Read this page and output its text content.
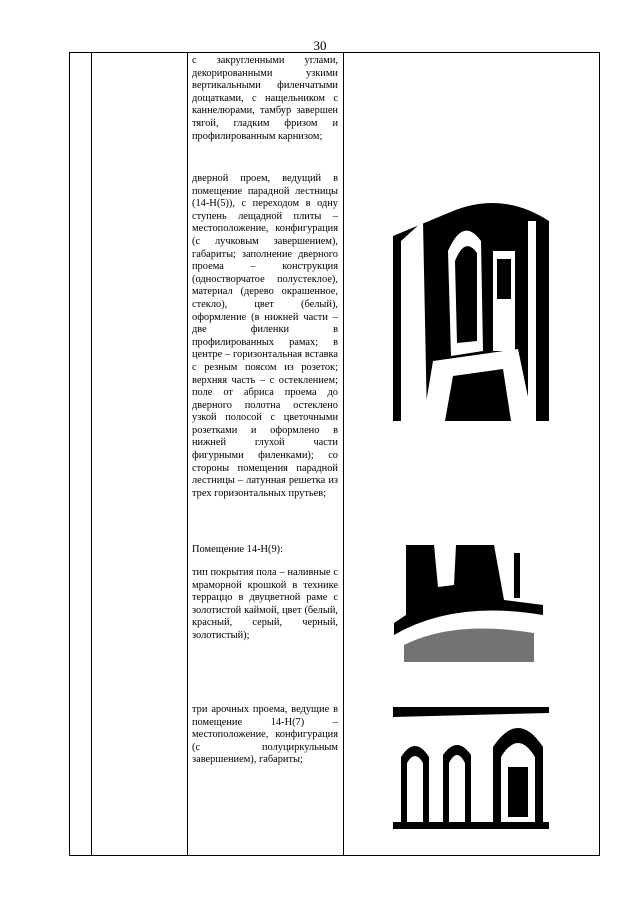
30

с закругленными углами, декорированными узкими вертикальными филенчатыми дощатками, с нащельником с каннелюрами, тамбур завершен тягой, гладким фризом и профилированным карнизом;

дверной проем, ведущий в помещение парадной лестницы (14-Н(5)), с переходом в одну ступень лещадной плиты – местоположение, конфигурация (с лучковым завершением), габариты; заполнение дверного проема – конструкция (одностворчатое полустеклое), материал (дерево окрашенное, стекло), цвет (белый), оформление (в нижней части – две филенки в профилированных рамах; в центре – горизонтальная вставка с резным поясом из розеток; верхняя часть – с остеклением; поле от абриса проема до дверного полотна остеклено узкой полосой с цветочными розетками и оформлено в нижней глухой части фигурными филенками); со стороны помещения парадной лестницы – латунная решетка из трех горизонтальных прутьев;

Помещение 14-Н(9):

тип покрытия пола – наливные с мраморной крошкой в технике терраццо в двуцветной раме с золотистой каймой, цвет (белый, красный, серый, черный, золотистый);

три арочных проема, ведущие в помещение 14-Н(7) – местоположение, конфигурация (с полуциркульным завершением), габариты;
